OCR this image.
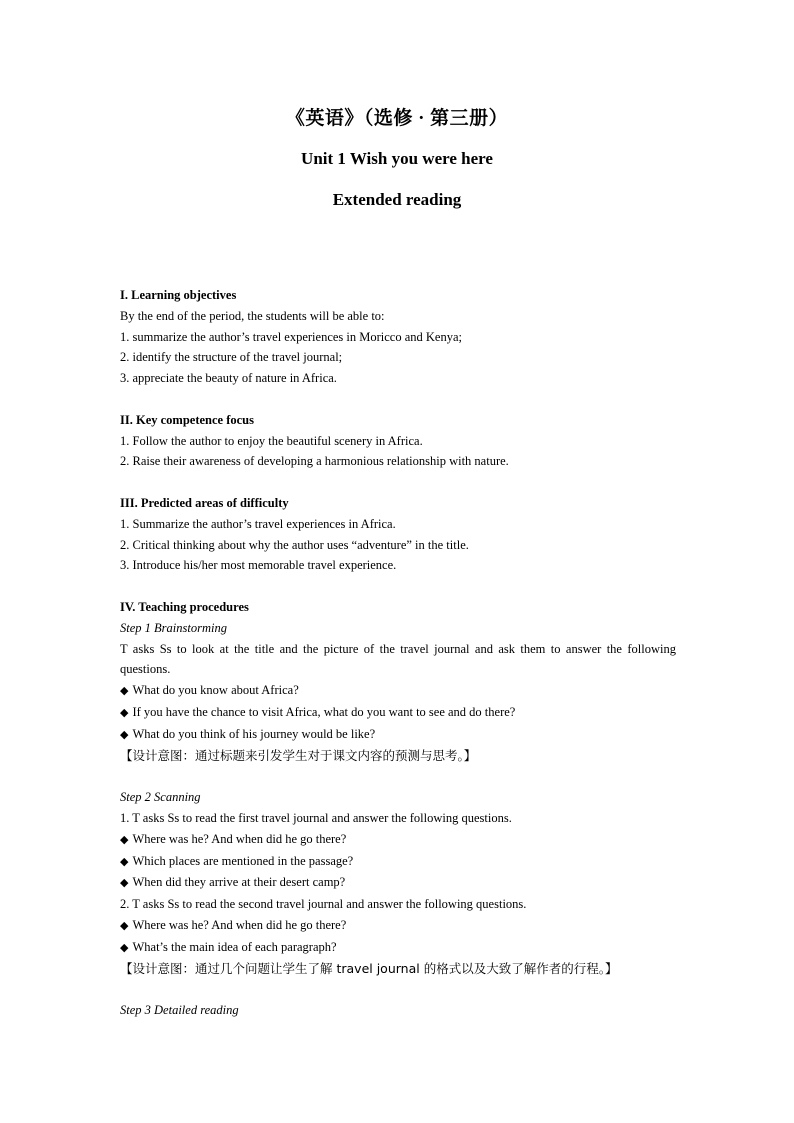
《英语》（选修 · 第三册）
Unit 1 Wish you were here
Extended reading

I. Learning objectives

By the end of the period, the students will be able to:

1. summarize the author’s travel experiences in Moricco and Kenya;

2. identify the structure of the travel journal;

3. appreciate the beauty of nature in Africa.

II. Key competence focus

1. Follow the author to enjoy the beautiful scenery in Africa.

2. Raise their awareness of developing a harmonious relationship with nature.

III. Predicted areas of difficulty

1. Summarize the author’s travel experiences in Africa.

2. Critical thinking about why the author uses “adventure” in the title.

3. Introduce his/her most memorable travel experience.

IV. Teaching procedures

Step 1 Brainstorming

T asks Ss to look at the title and the picture of the travel journal and ask them to answer the following questions.

◆ What do you know about Africa?

◆ If you have the chance to visit Africa, what do you want to see and do there?

◆ What do you think of his journey would be like?

【设计意图：通过标题来引发学生对于课文内容的预测与思考。】

Step 2 Scanning

1. T asks Ss to read the first travel journal and answer the following questions.

◆ Where was he? And when did he go there?

◆ Which places are mentioned in the passage?

◆ When did they arrive at their desert camp?

2. T asks Ss to read the second travel journal and answer the following questions.

◆ Where was he? And when did he go there?

◆ What’s the main idea of each paragraph?

【设计意图：通过几个问题让学生了解 travel journal 的格式以及大致了解作者的行程。】

Step 3 Detailed reading
